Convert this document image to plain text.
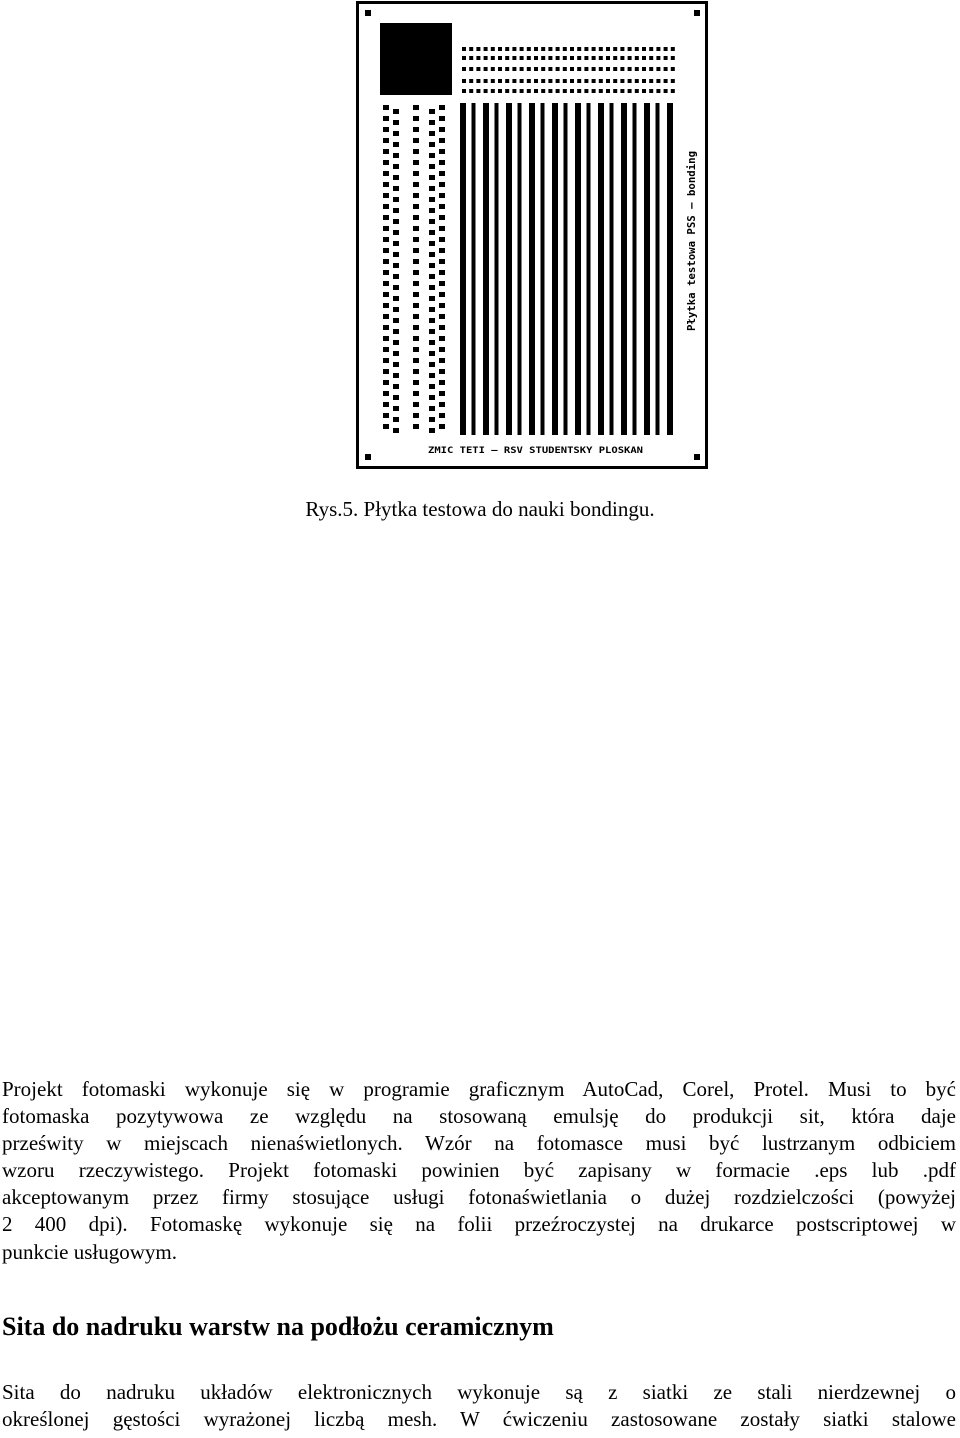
ZMIC TETI — RSV STUDENTSKY PLOSKAN
Płytka testowa PSS – bonding
Rys.5. Płytka testowa do nauki bondingu.
Projekt fotomaski wykonuje się w programie graficznym AutoCad, Corel, Protel. Musi to być
fotomaska pozytywowa ze względu na stosowaną emulsję do produkcji sit, która daje
prześwity w miejscach nienaświetlonych. Wzór na fotomasce musi być lustrzanym odbiciem
wzoru rzeczywistego. Projekt fotomaski powinien być zapisany w formacie .eps lub .pdf
akceptowanym przez firmy stosujące usługi fotonaświetlania o dużej rozdzielczości (powyżej
2 400 dpi). Fotomaskę wykonuje się na folii przeźroczystej na drukarce postscriptowej w
punkcie usługowym.
Sita do nadruku warstw na podłożu ceramicznym
Sita do nadruku układów elektronicznych wykonuje są z siatki ze stali nierdzewnej o
określonej gęstości wyrażonej liczbą mesh. W ćwiczeniu zastosowane zostały siatki stalowe
